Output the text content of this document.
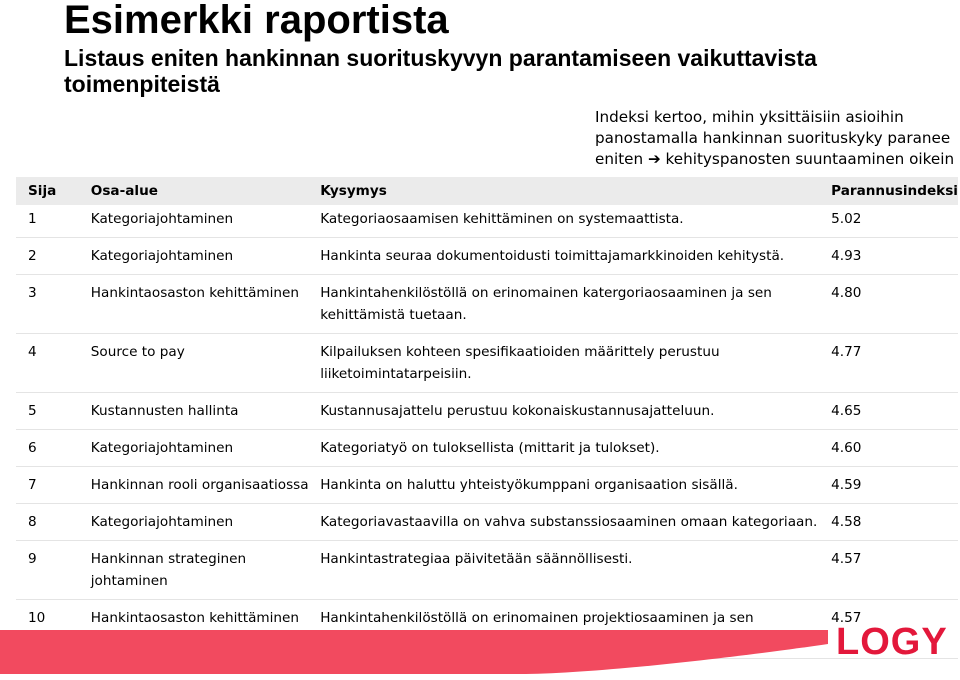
Esimerkki raportista
Listaus eniten hankinnan suorituskyvyn parantamiseen vaikuttavista toimenpiteistä
Indeksi kertoo, mihin yksittäisiin asioihin
panostamalla hankinnan suorituskyky paranee
eniten ➔ kehityspanosten suuntaaminen oikein
Sija	Osa-alue	Kysymys	Parannusindeksi
1	Kategoriajohtaminen	Kategoriaosaamisen kehittäminen on systemaattista.	5.02
2	Kategoriajohtaminen	Hankinta seuraa dokumentoidusti toimittajamarkkinoiden kehitystä.	4.93
3	Hankintaosaston kehittäminen	Hankintahenkilöstöllä on erinomainen katergoriaosaaminen ja sen kehittämistä tuetaan.	4.80
4	Source to pay	Kilpailuksen kohteen spesifikaatioiden määrittely perustuu liiketoimintatarpeisiin.	4.77
5	Kustannusten hallinta	Kustannusajattelu perustuu kokonaiskustannusajatteluun.	4.65
6	Kategoriajohtaminen	Kategoriatyö on tuloksellista (mittarit ja tulokset).	4.60
7	Hankinnan rooli organisaatiossa	Hankinta on haluttu yhteistyökumppani organisaation sisällä.	4.59
8	Kategoriajohtaminen	Kategoriavastaavilla on vahva substanssiosaaminen omaan kategoriaan.	4.58
9	Hankinnan strateginen johtaminen	Hankintastrategiaa päivitetään säännöllisesti.	4.57
10	Hankintaosaston kehittäminen	Hankintahenkilöstöllä on erinomainen projektiosaaminen ja sen	4.57
LOGY
